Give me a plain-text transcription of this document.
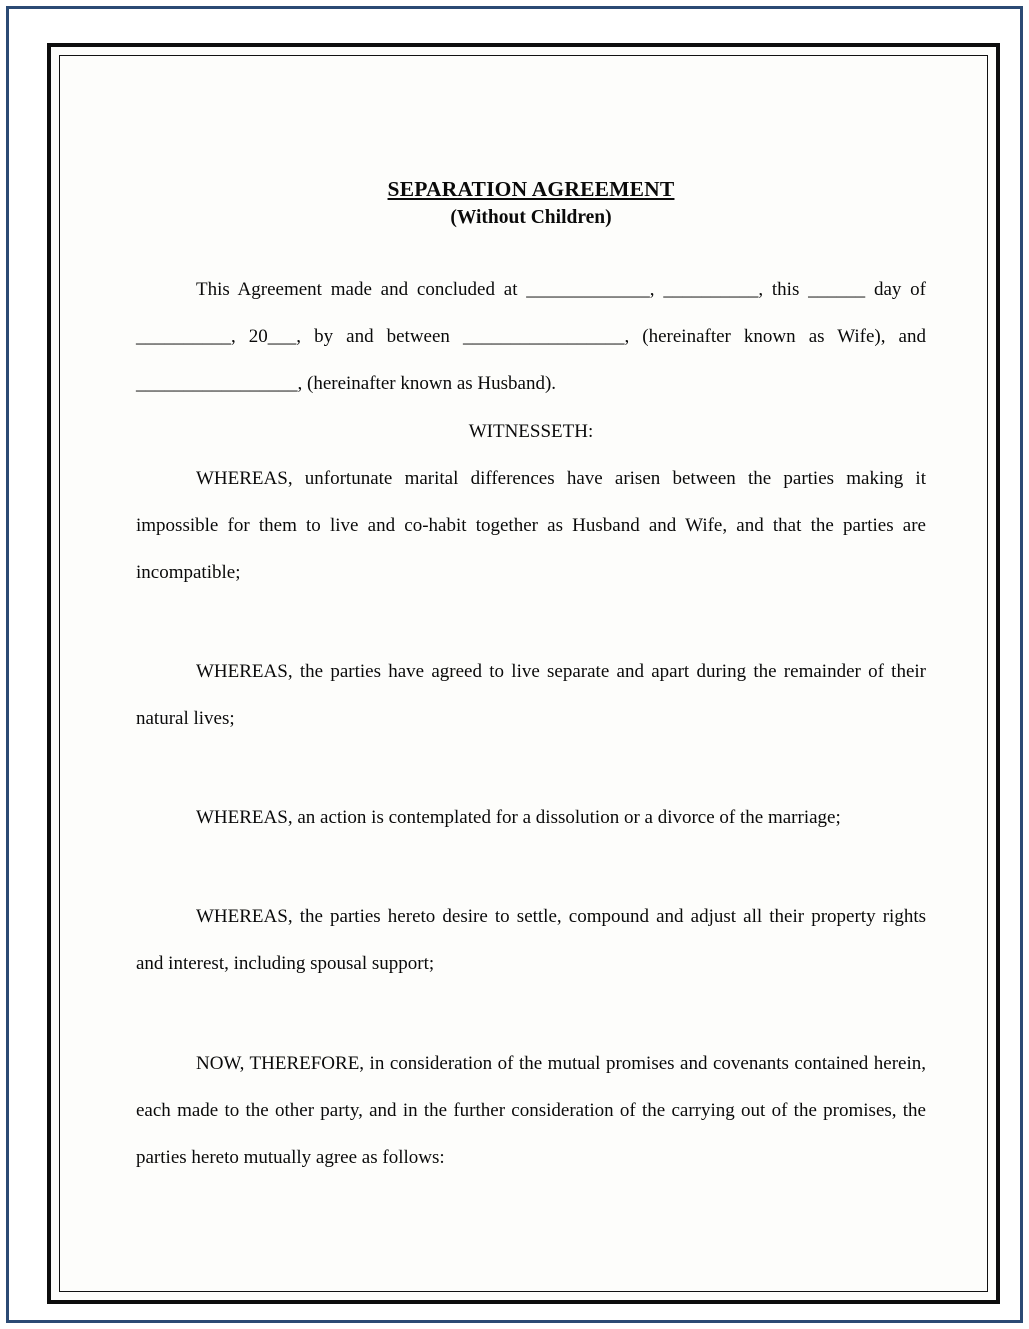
SEPARATION AGREEMENT
(Without Children)

This Agreement made and concluded at _____________, __________, this ______ day of __________, 20___, by and between _________________, (hereinafter known as Wife), and _________________, (hereinafter known as Husband).

WITNESSETH:

WHEREAS, unfortunate marital differences have arisen between the parties making it impossible for them to live and co-habit together as Husband and Wife, and that the parties are incompatible;

WHEREAS, the parties have agreed to live separate and apart during the remainder of their natural lives;

WHEREAS, an action is contemplated for a dissolution or a divorce of the marriage;

WHEREAS, the parties hereto desire to settle, compound and adjust all their property rights and interest, including spousal support;

NOW, THEREFORE, in consideration of the mutual promises and covenants contained herein, each made to the other party, and in the further consideration of the carrying out of the promises, the parties hereto mutually agree as follows:
